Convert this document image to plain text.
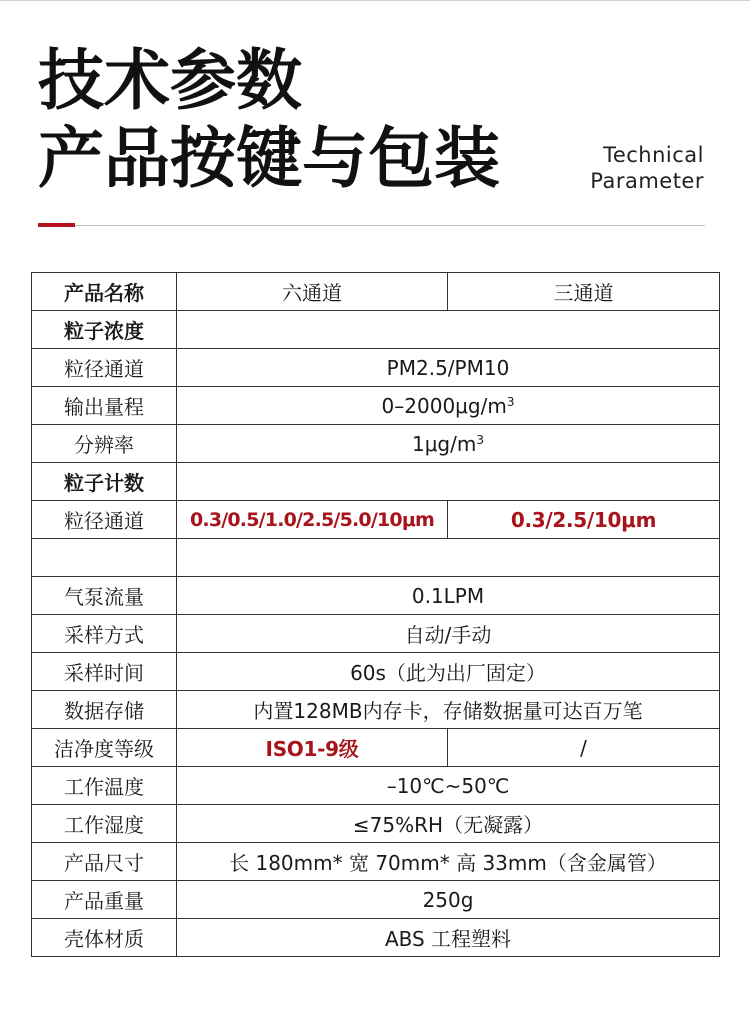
技术参数
产品按键与包装	Technical
Parameter
产品名称	六通道	三通道
粒子浓度		
粒径通道	PM2.5/PM10	
输出量程	$0-2000\mu g/m^3$
分辨率	$1\mu g/m^3$
粒子计数		
粒径通道	0.3/0.5/1.0/2.5/5.0/10μm	0.3/2.5/10μm

气泵流量	0.1LPM	
采样方式	自动/手动	
采样时间	60s（此为出厂固定）	
数据存储	内置128MB内存卡，存储数据量可达百万笔	
洁净度等级	ISO1-9级	/
工作温度	–10℃~50℃	
工作湿度	≤75%RH（无凝露）	
产品尺寸	长 180mm* 宽 70mm* 高 33mm（含金属管）	
产品重量	250g	
壳体材质	ABS 工程塑料	
